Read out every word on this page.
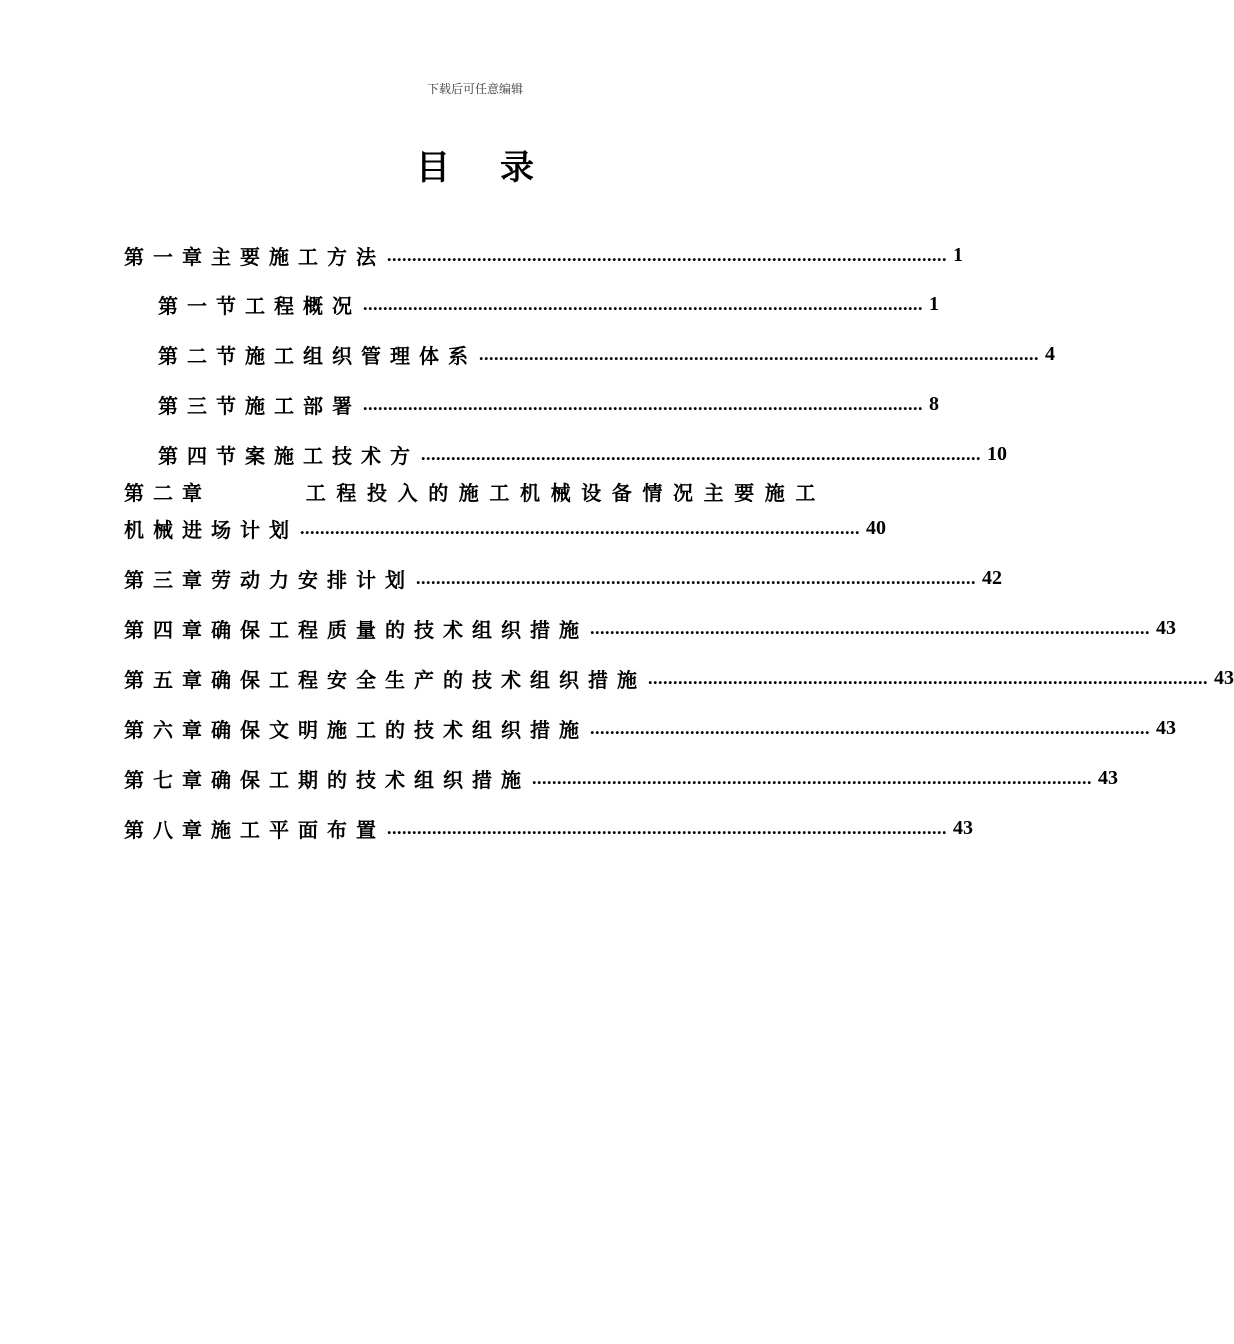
下载后可任意编辑
目录
第一章 主要施工方法 ................................................................................................................ 1
第一节 工程概况 ................................................................................................................ 1
第二节 施工组织管理体系 ................................................................................................................ 4
第三节 施工部署 ................................................................................................................ 8
第四节 案施工技术方 ................................................................................................................ 10
第二章	工程投入的施工机械设备情况主要施工
机械进场计划 ................................................................................................................ 40
第三章 劳动力安排计划 ................................................................................................................ 42
第四章 确保工程质量的技术组织措施 ................................................................................................................ 43
第五章 确保工程安全生产的技术组织措施 ................................................................................................................ 43
第六章 确保文明施工的技术组织措施 ................................................................................................................ 43
第七章 确保工期的技术组织措施 ................................................................................................................ 43
第八章 施工平面布置 ................................................................................................................ 43
